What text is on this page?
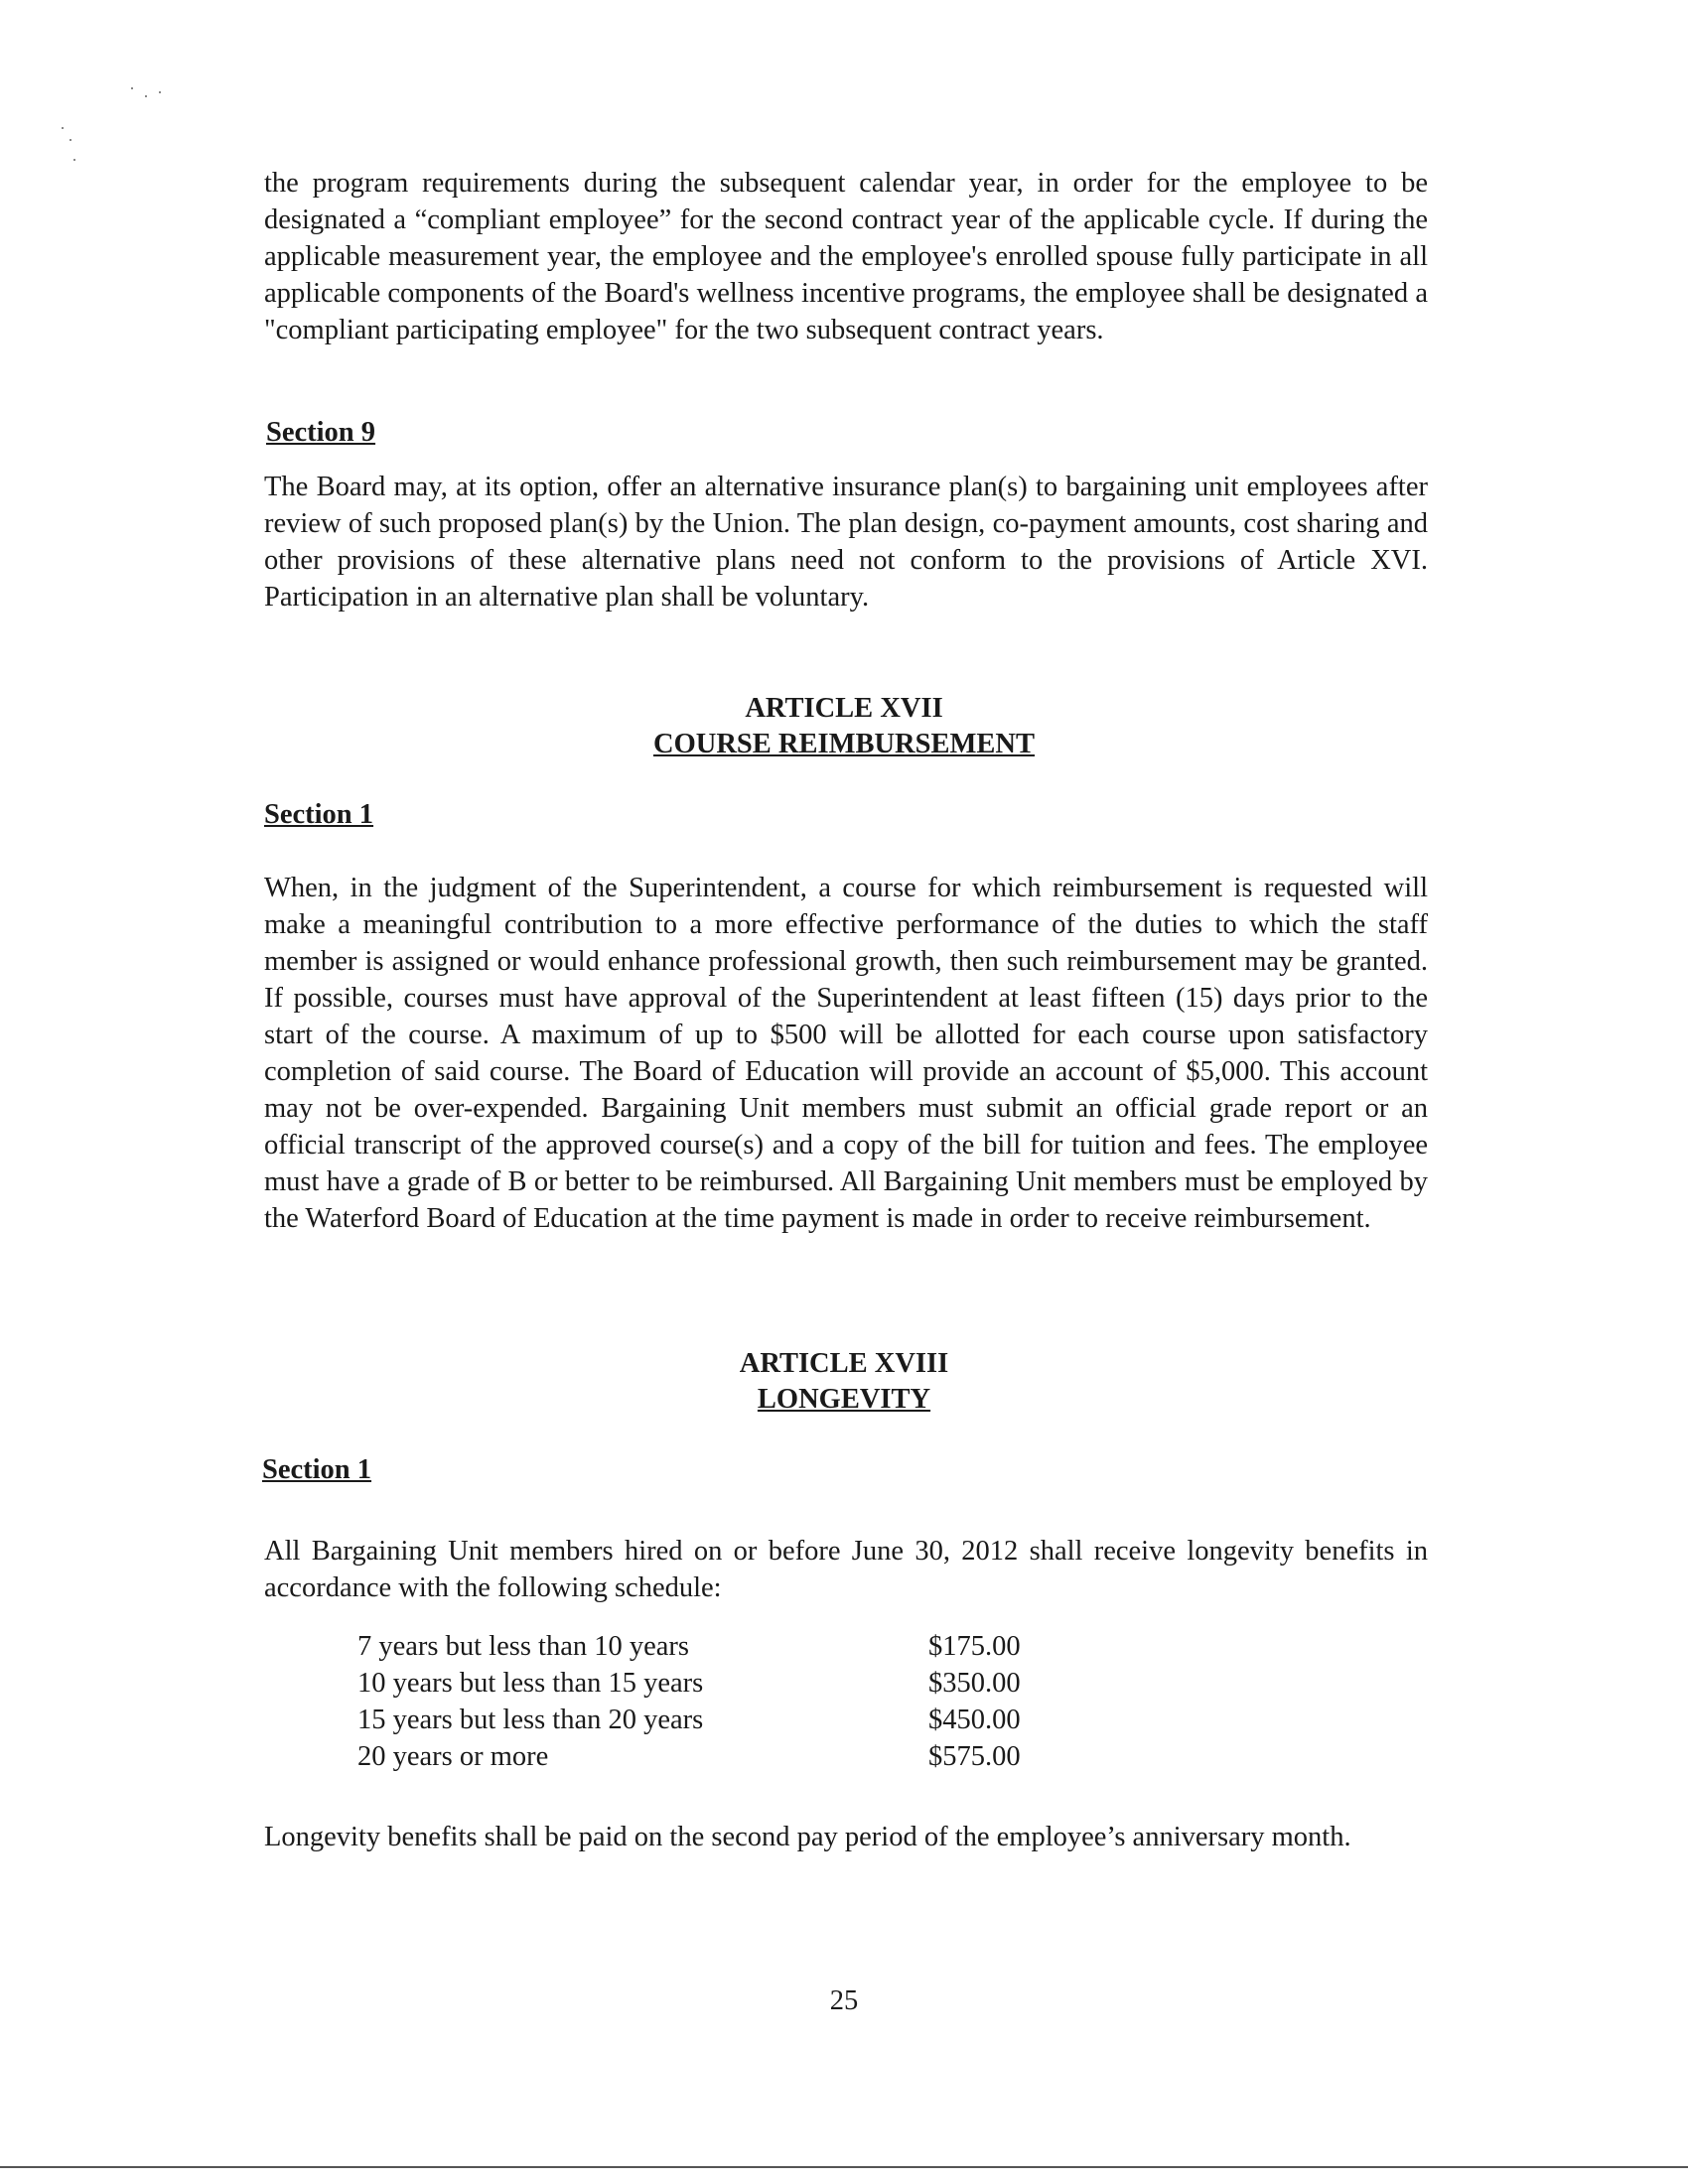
the program requirements during the subsequent calendar year, in order for the employee to be designated a “compliant employee” for the second contract year of the applicable cycle. If during the applicable measurement year, the employee and the employee's enrolled spouse fully participate in all applicable components of the Board's wellness incentive programs, the employee shall be designated a "compliant participating employee" for the two subsequent contract years.

Section 9

The Board may, at its option, offer an alternative insurance plan(s) to bargaining unit employees after review of such proposed plan(s) by the Union. The plan design, co-payment amounts, cost sharing and other provisions of these alternative plans need not conform to the provisions of Article XVI. Participation in an alternative plan shall be voluntary.

ARTICLE XVII
COURSE REIMBURSEMENT

Section 1

When, in the judgment of the Superintendent, a course for which reimbursement is requested will make a meaningful contribution to a more effective performance of the duties to which the staff member is assigned or would enhance professional growth, then such reimbursement may be granted. If possible, courses must have approval of the Superintendent at least fifteen (15) days prior to the start of the course. A maximum of up to $500 will be allotted for each course upon satisfactory completion of said course. The Board of Education will provide an account of $5,000. This account may not be over-expended. Bargaining Unit members must submit an official grade report or an official transcript of the approved course(s) and a copy of the bill for tuition and fees. The employee must have a grade of B or better to be reimbursed. All Bargaining Unit members must be employed by the Waterford Board of Education at the time payment is made in order to receive reimbursement.

ARTICLE XVIII
LONGEVITY

Section 1

All Bargaining Unit members hired on or before June 30, 2012 shall receive longevity benefits in accordance with the following schedule:

7 years but less than 10 years	$175.00
10 years but less than 15 years	$350.00
15 years but less than 20 years	$450.00
20 years or more	$575.00

Longevity benefits shall be paid on the second pay period of the employee’s anniversary month.

25
